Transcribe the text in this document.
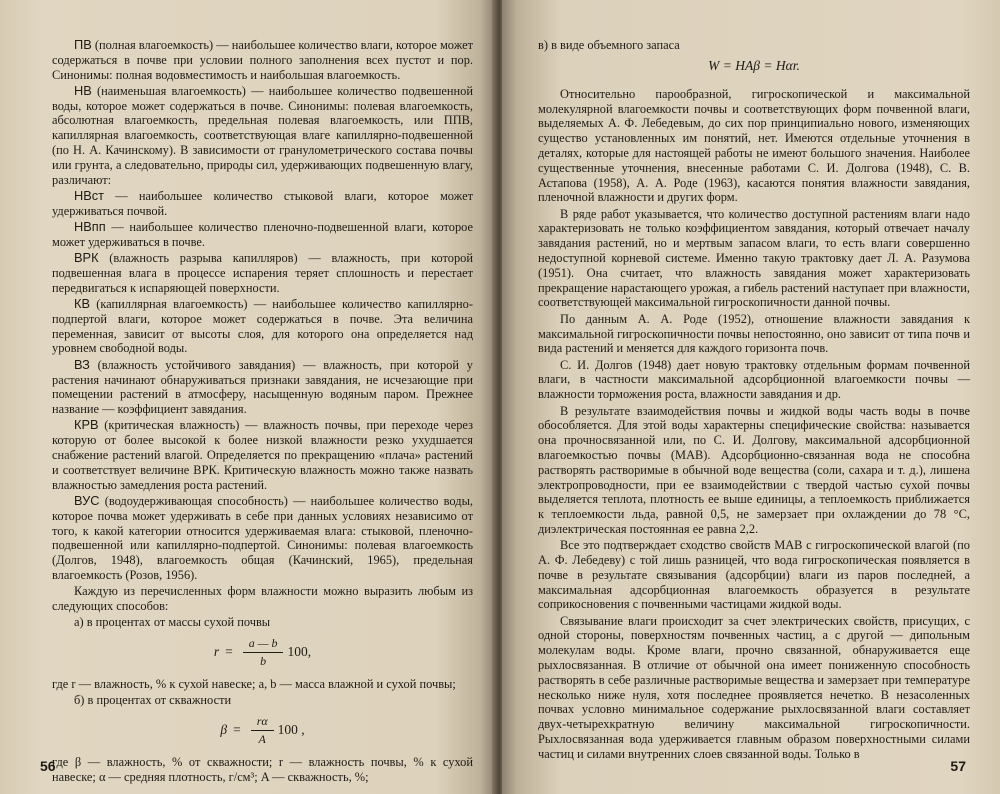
ПВ (полная влагоемкость) — наибольшее количество влаги, которое может содержаться в почве при условии полного заполнения всех пустот и пор. Синонимы: полная водовместимость и наибольшая влагоемкость.

НВ (наименьшая влагоемкость) — наибольшее количество подвешенной воды, которое может содержаться в почве. Синонимы: полевая влагоемкость, абсолютная влагоемкость, предельная полевая влагоемкость, или ППВ, капиллярная влагоемкость, соответствующая влаге капиллярно-подвешенной (по Н. А. Качинскому). В зависимости от гранулометрического состава почвы или грунта, а следовательно, природы сил, удерживающих подвешенную влагу, различают:

НВст — наибольшее количество стыковой влаги, которое может удерживаться почвой.

НВпп — наибольшее количество пленочно-подвешенной влаги, которое может удерживаться в почве.

ВРК (влажность разрыва капилляров) — влажность, при которой подвешенная влага в процессе испарения теряет сплошность и перестает передвигаться к испаряющей поверхности.

КВ (капиллярная влагоемкость) — наибольшее количество капиллярно-подпертой влаги, которое может содержаться в почве. Эта величина переменная, зависит от высоты слоя, для которого она определяется над уровнем свободной воды.

ВЗ (влажность устойчивого завядания) — влажность, при которой у растения начинают обнаруживаться признаки завядания, не исчезающие при помещении растений в атмосферу, насыщенную водяным паром. Прежнее название — коэффициент завядания.

КРВ (критическая влажность) — влажность почвы, при переходе через которую от более высокой к более низкой влажности резко ухудшается снабжение растений влагой. Определяется по прекращению «плача» растений и соответствует величине ВРК. Критическую влажность можно также назвать влажностью замедления роста растений.

ВУС (водоудерживающая способность) — наибольшее количество воды, которое почва может удерживать в себе при данных условиях независимо от того, к какой категории относится удерживаемая влага: стыковой, пленочно-подвешенной или капиллярно-подпертой. Синонимы: полевая влагоемкость (Долгов, 1948), влагоемкость общая (Качинский, 1965), предельная влагоемкость (Розов, 1956).

Каждую из перечисленных форм влажности можно выразить любым из следующих способов:

а) в процентах от массы сухой почвы

$r = \frac{a — b}{b} 100$,

где r — влажность, % к сухой навеске; a, b — масса влажной и сухой почвы;

б) в процентах от скважности

$\beta = \frac{r\alpha}{A} 100$ ,

где β — влажность, % от скважности; r — влажность почвы, % к сухой навеске; α — средняя плотность, г/см³; A — скважность, %;

56

в) в виде объемного запаса

W = HAβ = Hαr.

Относительно парообразной, гигроскопической и максимальной молекулярной влагоемкости почвы и соответствующих форм почвенной влаги, выделяемых А. Ф. Лебедевым, до сих пор принципиально нового, изменяющих существо установленных им понятий, нет. Имеются отдельные уточнения в деталях, которые для настоящей работы не имеют большого значения. Наиболее существенные уточнения, внесенные работами С. И. Долгова (1948), С. В. Астапова (1958), А. А. Роде (1963), касаются понятия влажности завядания, пленочной влажности и других форм.

В ряде работ указывается, что количество доступной растениям влаги надо характеризовать не только коэффициентом завядания, который отвечает началу завядания растений, но и мертвым запасом влаги, то есть влаги совершенно недоступной корневой системе. Именно такую трактовку дает Л. А. Разумова (1951). Она считает, что влажность завядания может характеризовать прекращение нарастающего урожая, а гибель растений наступает при влажности, соответствующей максимальной гигроскопичности данной почвы.

По данным А. А. Роде (1952), отношение влажности завядания к максимальной гигроскопичности почвы непостоянно, оно зависит от типа почв и вида растений и меняется для каждого горизонта почв.

С. И. Долгов (1948) дает новую трактовку отдельным формам почвенной влаги, в частности максимальной адсорбционной влагоемкости почвы — влажности торможения роста, влажности завядания и др.

В результате взаимодействия почвы и жидкой воды часть воды в почве обособляется. Для этой воды характерны специфические свойства: называется она прочносвязанной или, по С. И. Долгову, максимальной адсорбционной влагоемкостью почвы (МАВ). Адсорбционно-связанная вода не способна растворять растворимые в обычной воде вещества (соли, сахара и т. д.), лишена электропроводности, при ее взаимодействии с твердой частью сухой почвы выделяется теплота, плотность ее выше единицы, а теплоемкость приближается к теплоемкости льда, равной 0,5, не замерзает при охлаждении до 78 °С, диэлектрическая постоянная ее равна 2,2.

Все это подтверждает сходство свойств МАВ с гигроскопической влагой (по А. Ф. Лебедеву) с той лишь разницей, что вода гигроскопическая появляется в почве в результате связывания (адсорбции) влаги из паров последней, а максимальная адсорбционная влагоемкость образуется в результате соприкосновения с почвенными частицами жидкой воды.

Связывание влаги происходит за счет электрических свойств, присущих, с одной стороны, поверхностям почвенных частиц, а с другой — дипольным молекулам воды. Кроме влаги, прочно связанной, обнаруживается еще рыхлосвязанная. В отличие от обычной она имеет пониженную способность растворять в себе различные растворимые вещества и замерзает при температуре несколько ниже нуля, хотя последнее проявляется нечетко. В незасоленных почвах условно минимальное содержание рыхлосвязанной влаги составляет двух-четырехкратную величину максимальной гигроскопичности. Рыхлосвязанная вода удерживается главным образом поверхностными силами частиц и силами внутренних слоев связанной воды. Только в

57
